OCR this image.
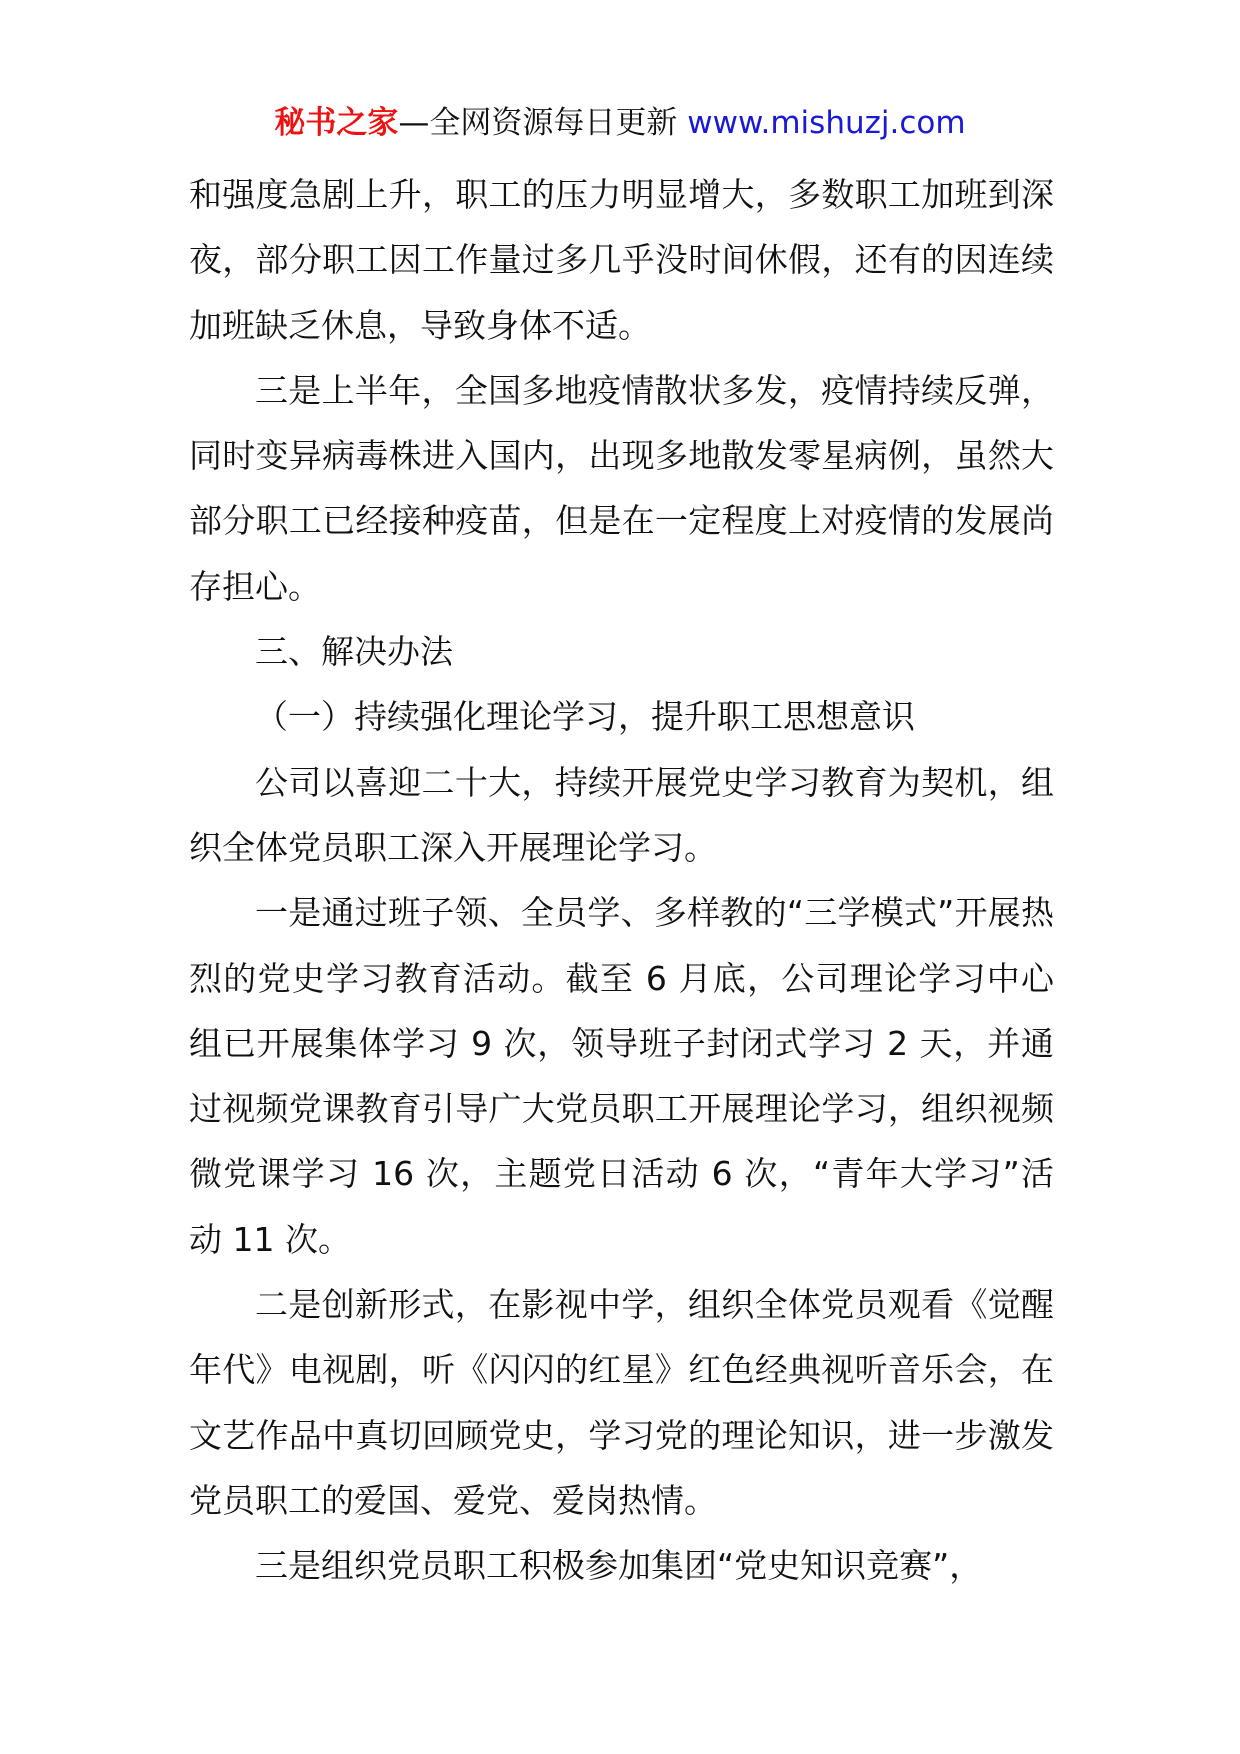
秘书之家—全网资源每日更新 www.mishuzj.com

和强度急剧上升，职工的压力明显增大，多数职工加班到深夜，部分职工因工作量过多几乎没时间休假，还有的因连续加班缺乏休息，导致身体不适。

三是上半年，全国多地疫情散状多发，疫情持续反弹，同时变异病毒株进入国内，出现多地散发零星病例，虽然大部分职工已经接种疫苗，但是在一定程度上对疫情的发展尚存担心。

三、解决办法

（一）持续强化理论学习，提升职工思想意识

公司以喜迎二十大，持续开展党史学习教育为契机，组织全体党员职工深入开展理论学习。

一是通过班子领、全员学、多样教的“三学模式”开展热烈的党史学习教育活动。截至 6 月底，公司理论学习中心组已开展集体学习 9 次，领导班子封闭式学习 2 天，并通过视频党课教育引导广大党员职工开展理论学习，组织视频微党课学习 16 次，主题党日活动 6 次，“青年大学习”活动 11 次。

二是创新形式，在影视中学，组织全体党员观看《觉醒年代》电视剧，听《闪闪的红星》红色经典视听音乐会，在文艺作品中真切回顾党史，学习党的理论知识，进一步激发党员职工的爱国、爱党、爱岗热情。

三是组织党员职工积极参加集团“党史知识竞赛”，
